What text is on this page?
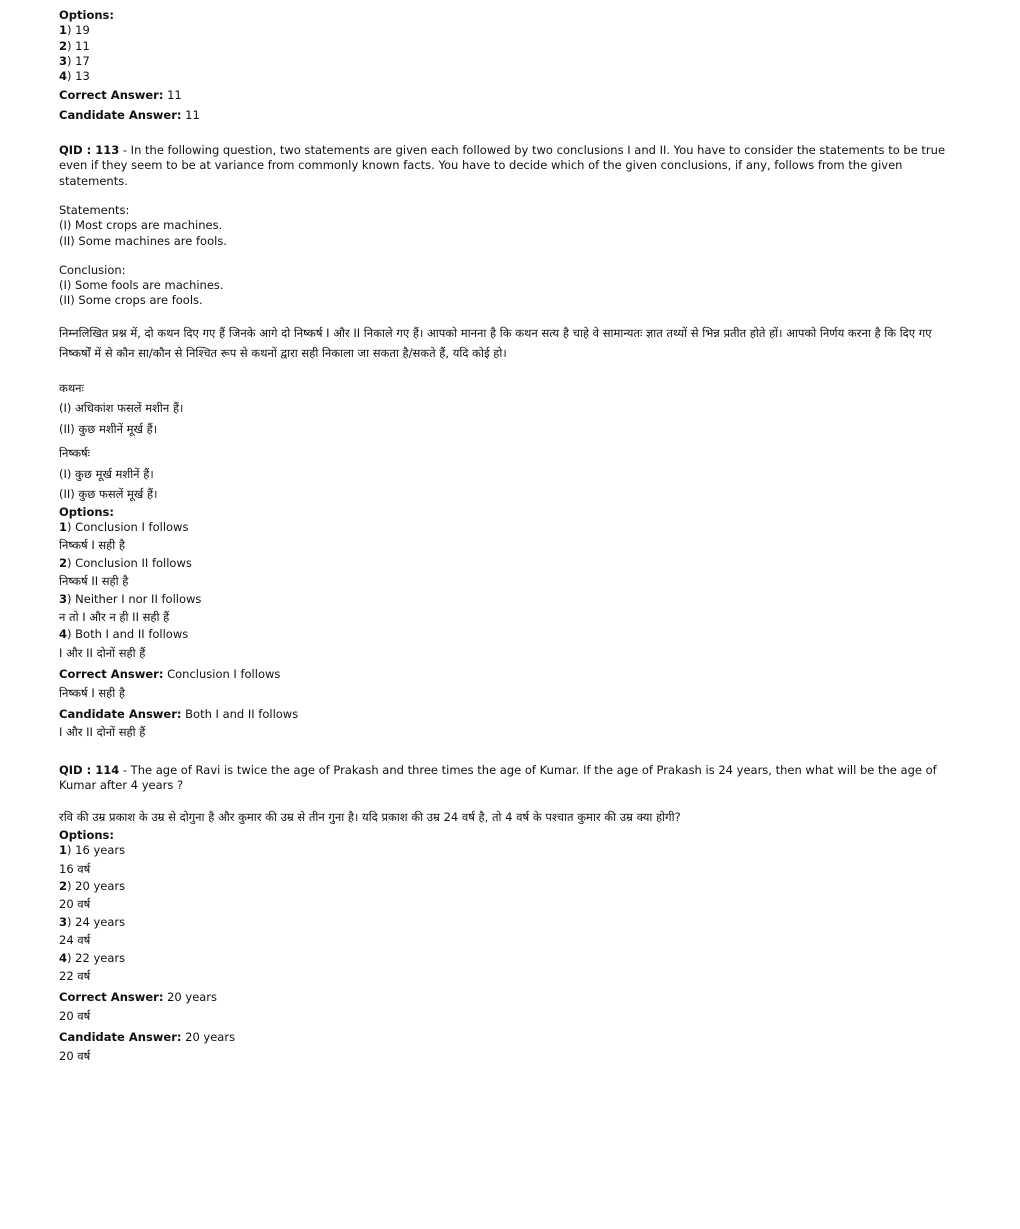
Options:

1) 19

2) 11

3) 17

4) 13

Correct Answer: 11

Candidate Answer: 11

QID : 113 - In the following question, two statements are given each followed by two conclusions I and II. You have to consider the statements to be true even if they seem to be at variance from commonly known facts. You have to decide which of the given conclusions, if any, follows from the given statements.

Statements:

(I) Most crops are machines.

(II) Some machines are fools.

Conclusion:

(I) Some fools are machines.

(II) Some crops are fools.

निम्नलिखित प्रश्न में, दो कथन दिए गए हैं जिनके आगे दो निष्कर्ष I और II निकाले गए हैं। आपको मानना है कि कथन सत्य है चाहे वे सामान्यतः ज्ञात तथ्यों से भिन्न प्रतीत होते हों। आपको निर्णय करना है कि दिए गए निष्कर्षों में से कौन सा/कौन से निश्चित रूप से कथनों द्वारा सही निकाला जा सकता है/सकते हैं, यदि कोई हो।

कथनः

(I) अधिकांश फसलें मशीन हैं।

(II) कुछ मशीनें मूर्ख हैं।

निष्कर्षः

(I) कुछ मूर्ख मशीनें हैं।

(II) कुछ फसलें मूर्ख हैं।

Options:

1) Conclusion I follows

निष्कर्ष I सही है

2) Conclusion II follows

निष्कर्ष II सही है

3) Neither I nor II follows

न तो I और न ही II सही हैं

4) Both I and II follows

I और II दोनों सही हैं

Correct Answer: Conclusion I follows

निष्कर्ष I सही है

Candidate Answer: Both I and II follows

I और II दोनों सही हैं

QID : 114 - The age of Ravi is twice the age of Prakash and three times the age of Kumar. If the age of Prakash is 24 years, then what will be the age of Kumar after 4 years ?

रवि की उम्र प्रकाश के उम्र से दोगुना है और कुमार की उम्र से तीन गुना है। यदि प्रकाश की उम्र 24 वर्ष है, तो 4 वर्ष के पश्चात कुमार की उम्र क्या होगी?

Options:

1) 16 years

16 वर्ष

2) 20 years

20 वर्ष

3) 24 years

24 वर्ष

4) 22 years

22 वर्ष

Correct Answer: 20 years

20 वर्ष

Candidate Answer: 20 years

20 वर्ष
